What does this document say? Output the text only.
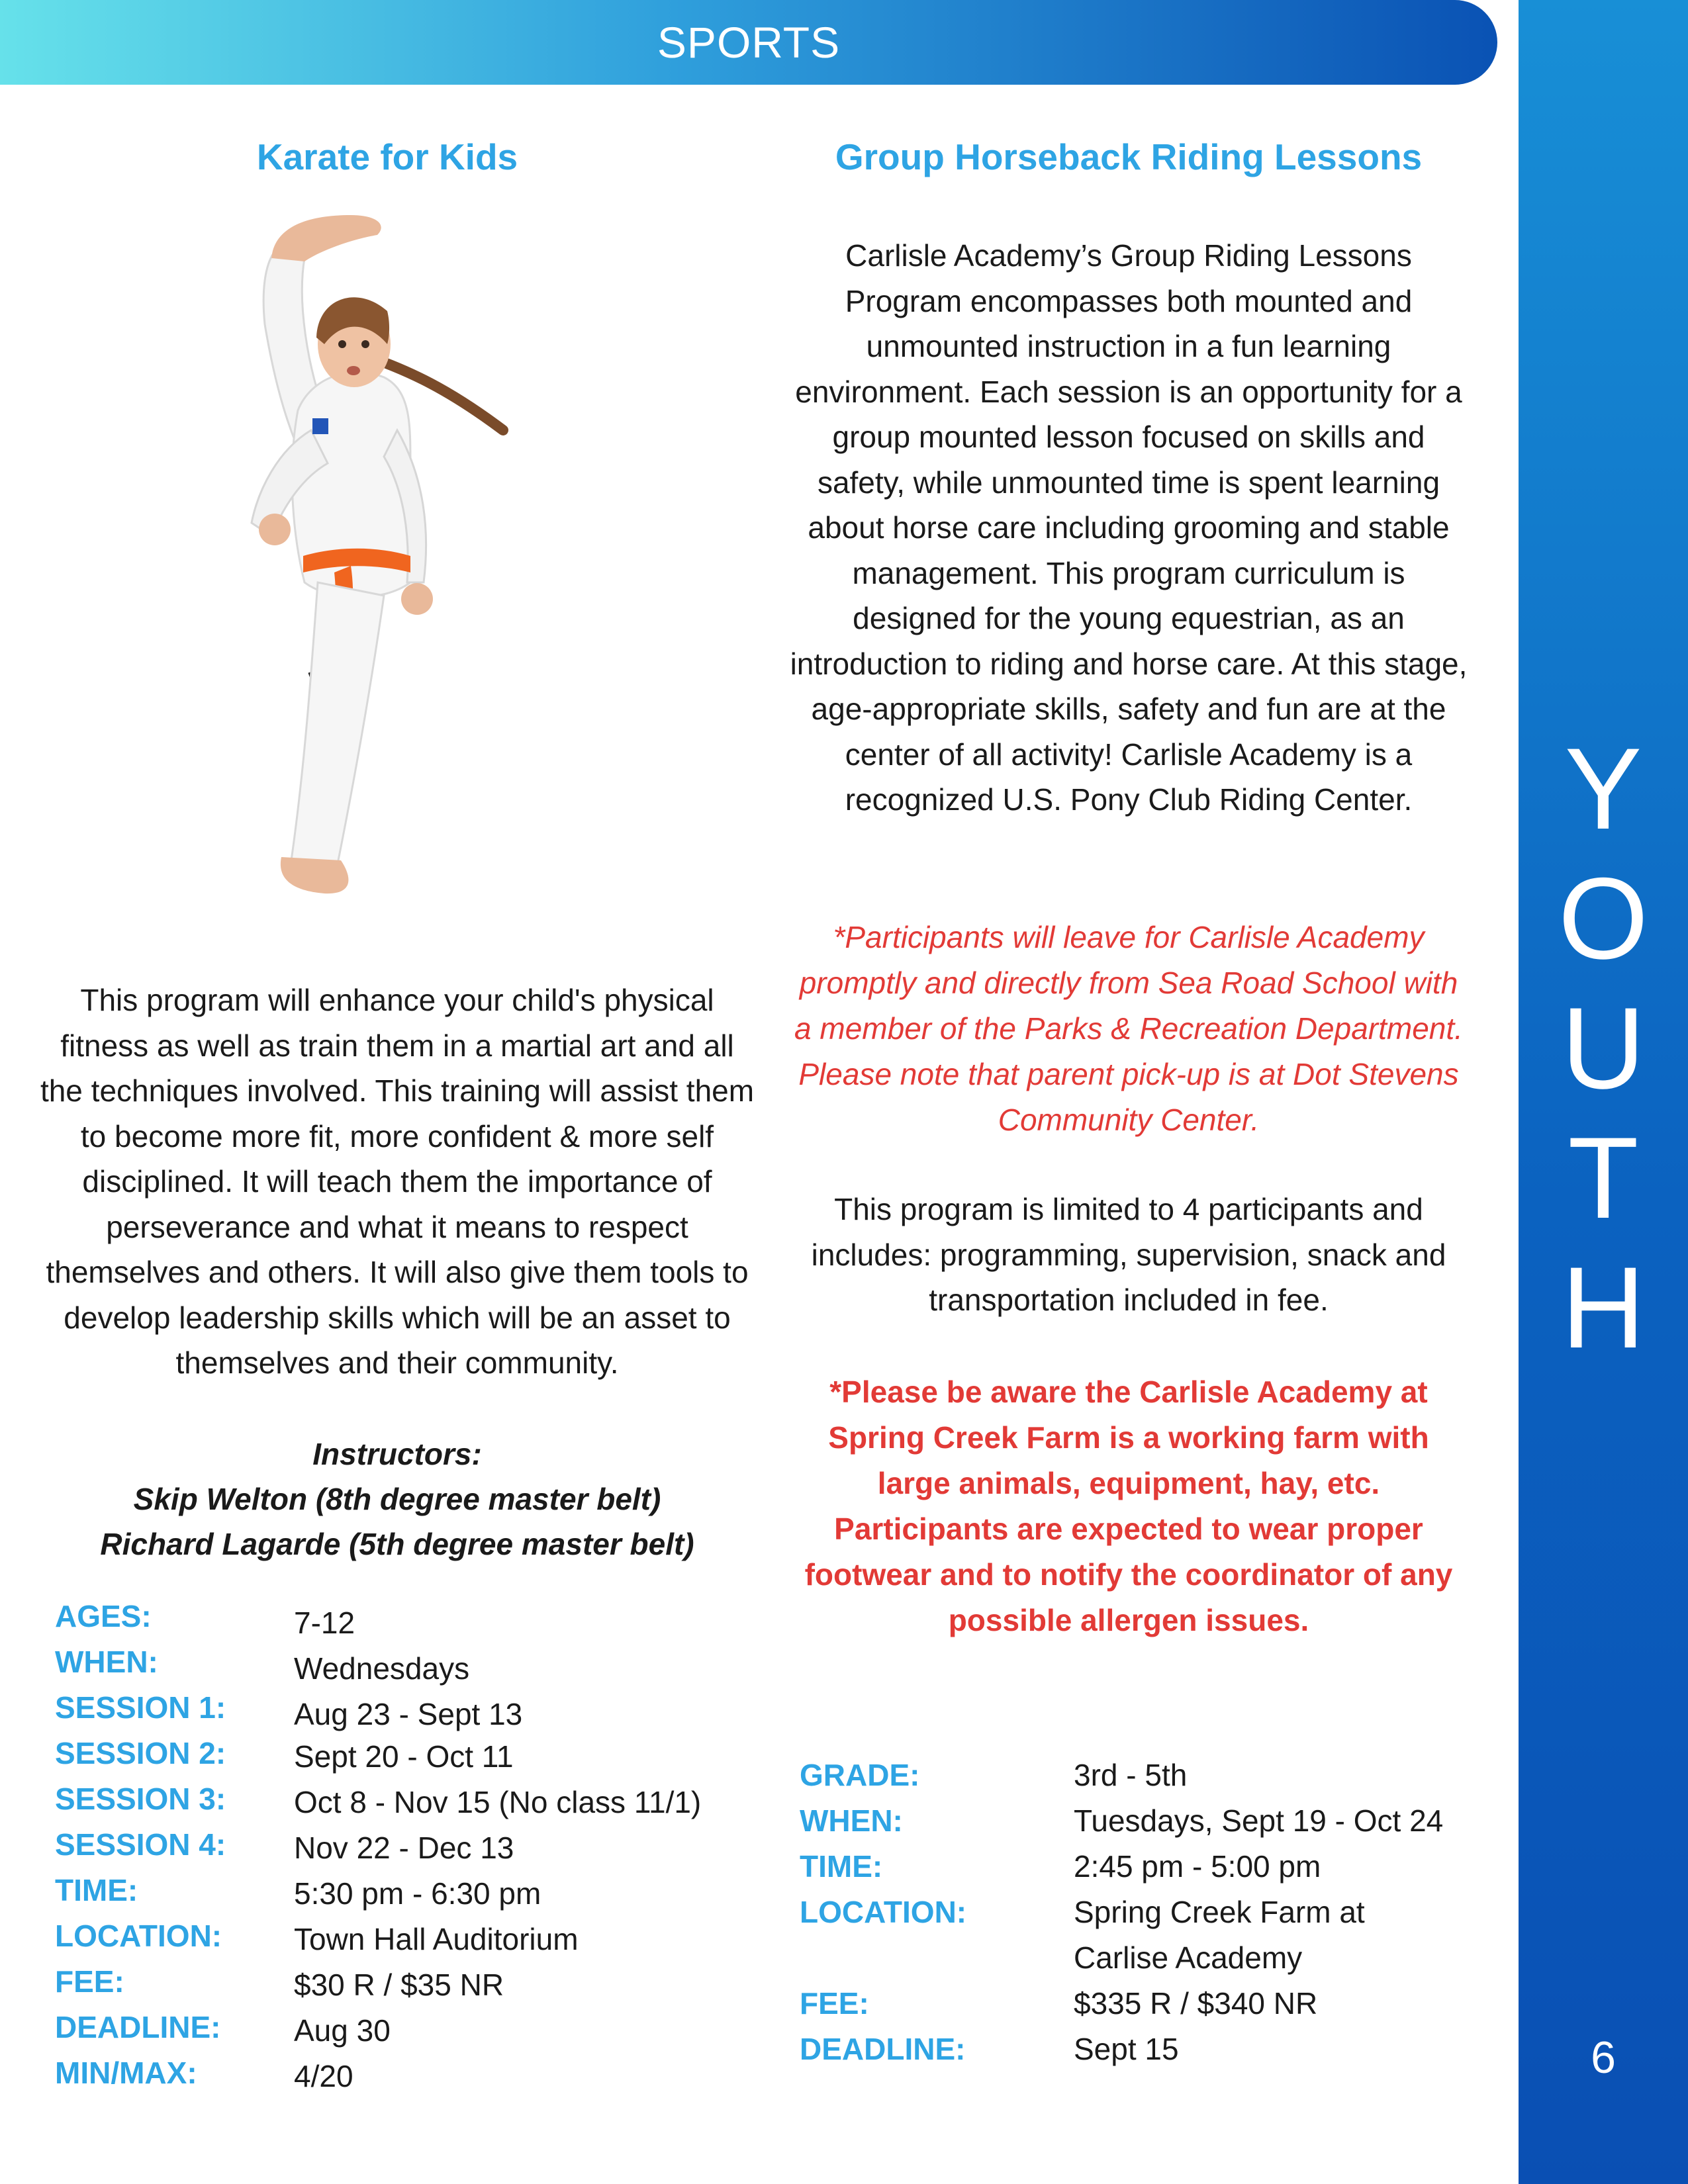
SPORTS
Y
O
U
T
H
6
Karate for Kids

This program will enhance your child's physical fitness as well as train them in a martial art and all the techniques involved. This training will assist them to become more fit, more confident & more self disciplined. It will teach them the importance of perseverance and what it means to respect themselves and others. It will also give them tools to develop leadership skills which will be an asset to themselves and their community.

Instructors:
Skip Welton (8th degree master belt)
Richard Lagarde (5th degree master belt)
AGES:	7-12
WHEN:	Wednesdays
SESSION 1: Aug 23 - Sept 13
SESSION 2: Sept 20 - Oct 11
SESSION 3: Oct 8 - Nov 15 (No class 11/1)
SESSION 4: Nov 22 - Dec 13
TIME:	5:30 pm - 6:30 pm
LOCATION: Town Hall Auditorium
FEE:	$30 R / $35 NR
DEADLINE: Aug 30
MIN/MAX:	4/20
Group Horseback Riding Lessons

Carlisle Academy’s Group Riding Lessons Program encompasses both mounted and unmounted instruction in a fun learning environment. Each session is an opportunity for a group mounted lesson focused on skills and safety, while unmounted time is spent learning about horse care including grooming and stable management. This program curriculum is designed for the young equestrian, as an introduction to riding and horse care. At this stage, age-appropriate skills, safety and fun are at the center of all activity! Carlisle Academy is a recognized U.S. Pony Club Riding Center.

*Participants will leave for Carlisle Academy promptly and directly from Sea Road School with a member of the Parks & Recreation Department. Please note that parent pick-up is at Dot Stevens Community Center.

This program is limited to 4 participants and includes: programming, supervision, snack and transportation included in fee.

*Please be aware the Carlisle Academy at Spring Creek Farm is a working farm with large animals, equipment, hay, etc. Participants are expected to wear proper footwear and to notify the coordinator of any possible allergen issues.
GRADE:	3rd - 5th
WHEN:	Tuesdays, Sept 19 - Oct 24
TIME:	2:45 pm - 5:00 pm
LOCATION:	Spring Creek Farm at
Carlise Academy
FEE:	$335 R / $340 NR
DEADLINE:	Sept 15
